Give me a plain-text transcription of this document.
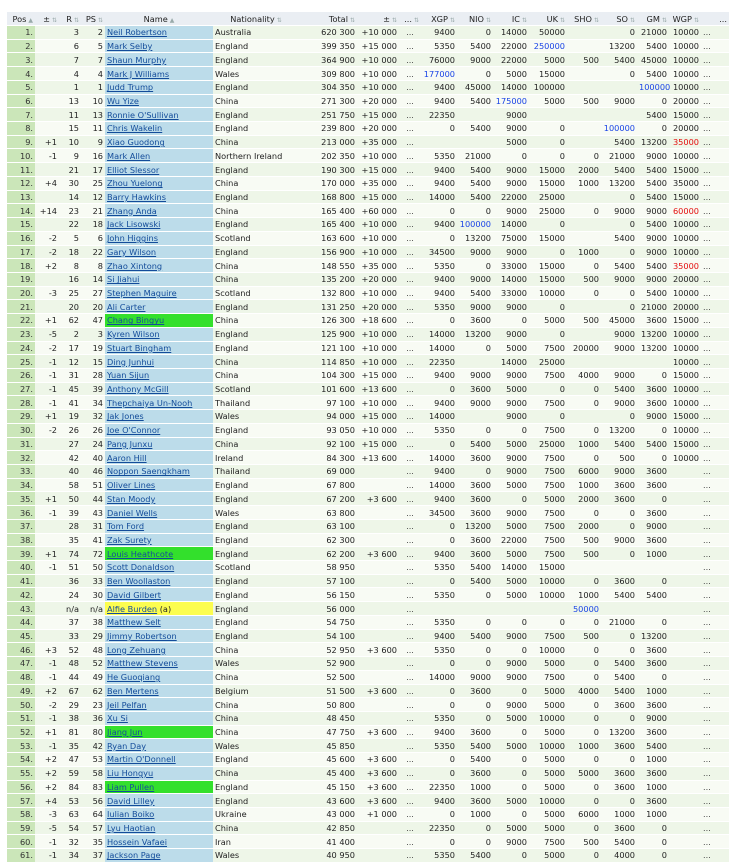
Pos ▲	± ⇅	R ⇅	PS ⇅	Name ▲	Nationality ⇅	Total ⇅	± ⇅	... ⇅	XGP ⇅	NIO ⇅	IC ⇅	UK ⇅	SHO ⇅	SO ⇅	GM ⇅	WGP ⇅	...
1.		3	2	Neil Robertson	Australia	620 300	+10 000	...	9400	0	14000	50000		0	21000	10000	...
2.		6	5	Mark Selby	England	399 350	+15 000	...	5350	5400	22000	250000		13200	5400	10000	...
3.		7	7	Shaun Murphy	England	364 900	+10 000	...	76000	9000	22000	5000	500	5400	45000	10000	...
4.		4	4	Mark J Williams	Wales	309 800	+10 000	...	177000	0	5000	15000		0	5400	10000	...
5.		1	1	Judd Trump	England	304 350	+10 000	...	9400	45000	14000	100000			100000	10000	...
6.		13	10	Wu Yize	China	271 300	+20 000	...	9400	5400	175000	5000	500	9000	0	20000	...
7.		11	13	Ronnie O'Sullivan	England	251 750	+15 000	...	22350		9000				5400	15000	...
8.		15	11	Chris Wakelin	England	239 800	+20 000	...	0	5400	9000	0		100000	0	20000	...
9.	+1	10	9	Xiao Guodong	China	213 000	+35 000	...			5000	0		5400	13200	35000	...
10.	-1	9	16	Mark Allen	Northern Ireland	202 350	+10 000	...	5350	21000	0	0	0	21000	9000	10000	...
11.		21	17	Elliot Slessor	England	190 300	+15 000	...	9400	5400	9000	15000	2000	5400	5400	15000	...
12.	+4	30	25	Zhou Yuelong	China	170 000	+35 000	...	9400	5400	9000	15000	1000	13200	5400	35000	...
13.		14	12	Barry Hawkins	England	168 800	+15 000	...	14000	5400	22000	25000		0	5400	15000	...
14.	+14	23	21	Zhang Anda	China	165 400	+60 000	...	0	0	9000	25000	0	9000	9000	60000	...
15.		22	18	Jack Lisowski	England	165 400	+10 000	...	9400	100000	14000	0		0	5400	10000	...
16.	-2	5	6	John Higgins	Scotland	163 600	+10 000	...	0	13200	75000	15000		5400	9000	10000	...
17.	-2	18	22	Gary Wilson	England	156 900	+10 000	...	34500	9000	9000	0	1000	0	9000	10000	...
18.	+2	8	8	Zhao Xintong	China	148 550	+35 000	...	5350	0	33000	15000	0	5400	5400	35000	...
19.		16	14	Si Jiahui	China	135 200	+20 000	...	9400	9000	14000	15000	500	9000	9000	20000	...
20.	-3	25	27	Stephen Maguire	Scotland	132 800	+10 000	...	9400	5400	33000	10000	0	0	5400	10000	...
21.		20	20	Ali Carter	England	131 250	+20 000	...	5350	9000	9000	0		0	21000	20000	...
22.	+1	62	47	Chang Bingyu	China	126 300	+18 600	...	0	3600	0	5000	500	45000	3600	15000	...
23.	-5	2	3	Kyren Wilson	England	125 900	+10 000	...	14000	13200	9000	0		9000	13200	10000	...
24.	-2	17	19	Stuart Bingham	England	121 100	+10 000	...	14000	0	5000	7500	20000	9000	13200	10000	...
25.	-1	12	15	Ding Junhui	China	114 850	+10 000	...	22350		14000	25000				10000	...
26.	-1	31	28	Yuan Sijun	China	104 300	+15 000	...	9400	9000	9000	7500	4000	9000	0	15000	...
27.	-1	45	39	Anthony McGill	Scotland	101 600	+13 600	...	0	3600	5000	0	0	5400	3600	10000	...
28.	-1	41	34	Thepchaiya Un-Nooh	Thailand	97 100	+10 000	...	9400	9000	9000	7500	0	9000	3600	10000	...
29.	+1	19	32	Jak Jones	Wales	94 000	+15 000	...	14000		9000	0		0	9000	15000	...
30.	-2	26	26	Joe O'Connor	England	93 050	+10 000	...	5350	0	0	7500	0	13200	0	10000	...
31.		27	24	Pang Junxu	China	92 100	+15 000	...	0	5400	5000	25000	1000	5400	5400	15000	...
32.		42	40	Aaron Hill	Ireland	84 300	+13 600	...	14000	3600	9000	7500	0	500	0	10000	...
33.		40	46	Noppon Saengkham	Thailand	69 000		...	9400	0	9000	7500	6000	9000	3600		...
34.		58	51	Oliver Lines	England	67 800		...	14000	3600	5000	7500	1000	3600	3600		...
35.	+1	50	44	Stan Moody	England	67 200	+3 600	...	9400	3600	0	5000	2000	3600	0		...
36.	-1	39	43	Daniel Wells	Wales	63 800		...	34500	3600	9000	7500	0	0	3600		...
37.		28	31	Tom Ford	England	63 100		...	0	13200	5000	7500	2000	0	9000		...
38.		35	41	Zak Surety	England	62 300		...	0	3600	22000	7500	500	9000	3600		...
39.	+1	74	72	Louis Heathcote	England	62 200	+3 600	...	9400	3600	5000	7500	500	0	1000		...
40.	-1	51	50	Scott Donaldson	Scotland	58 950		...	5350	5400	14000	15000					...
41.		36	33	Ben Woollaston	England	57 100		...	0	5400	5000	10000	0	3600	0		...
42.		24	30	David Gilbert	England	56 150		...	5350	0	5000	10000	1000	5400	5400		...
43.		n/a	n/a	Alfie Burden (a)	England	56 000		...					50000				...
44.		37	38	Matthew Selt	England	54 750		...	5350	0	0	0	0	21000	0		...
45.		33	29	Jimmy Robertson	England	54 100		...	9400	5400	9000	7500	500	0	13200		...
46.	+3	52	48	Long Zehuang	China	52 950	+3 600	...	5350	0	0	10000	0	0	3600		...
47.	-1	48	52	Matthew Stevens	Wales	52 900		...	0	0	9000	5000	0	5400	3600		...
48.	-1	44	49	He Guoqiang	China	52 500		...	14000	9000	9000	7500	0	5400	0		...
49.	+2	67	62	Ben Mertens	Belgium	51 500	+3 600	...	0	3600	0	5000	4000	5400	1000		...
50.	-2	29	23	Jeil Pelfan	China	50 800		...	0	0	9000	5000	0	3600	3600		...
51.	-1	38	36	Xu Si	China	48 450		...	5350	0	5000	10000	0	0	9000		...
52.	+1	81	80	Jiang Jun	China	47 750	+3 600	...	9400	3600	0	5000	0	13200	3600		...
53.	-1	35	42	Ryan Day	Wales	45 850		...	5350	5400	5000	10000	1000	3600	5400		...
54.	+2	47	53	Martin O'Donnell	England	45 600	+3 600	...	0	5400	0	5000	0	0	1000		...
55.	+2	59	58	Liu Hongyu	China	45 400	+3 600	...	0	3600	0	5000	5000	3600	3600		...
56.	+2	84	83	Liam Pullen	England	45 150	+3 600	...	22350	1000	0	5000	0	3600	1000		...
57.	+4	53	56	David Lilley	England	43 600	+3 600	...	9400	3600	5000	10000	0	0	3600		...
58.	-3	63	64	Iulian Boiko	Ukraine	43 000	+1 000	...	0	1000	0	5000	6000	1000	1000		...
59.	-5	54	57	Lyu Haotian	China	42 850		...	22350	0	5000	5000	0	3600	0		...
60.	-1	32	35	Hossein Vafaei	Iran	41 400		...	0	0	9000	7500	500	5400	0		...
61.	-1	34	37	Jackson Page	Wales	40 950		...	5350	5400	0	5000	0	4000	0		...
